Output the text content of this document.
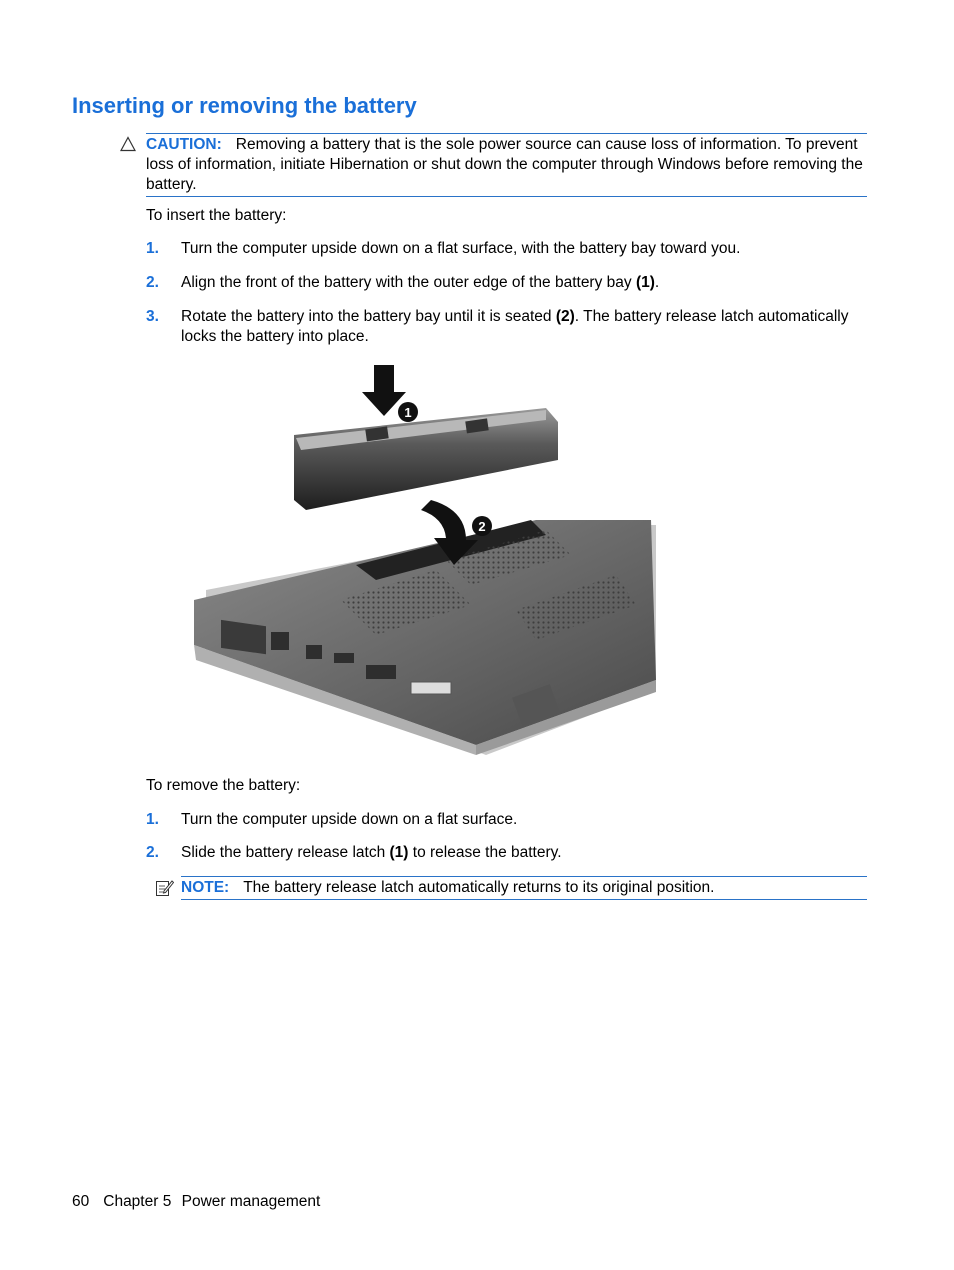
Inserting or removing the battery
CAUTION: Removing a battery that is the sole power source can cause loss of information. To prevent loss of information, initiate Hibernation or shut down the computer through Windows before removing the battery.

To insert the battery:

1. Turn the computer upside down on a flat surface, with the battery bay toward you.
2. Align the front of the battery with the outer edge of the battery bay (1).
3. Rotate the battery into the battery bay until it is seated (2). The battery release latch automatically locks the battery into place.
1
2

To remove the battery:

1. Turn the computer upside down on a flat surface.
2. Slide the battery release latch (1) to release the battery.
NOTE: The battery release latch automatically returns to its original position.
60 Chapter 5 Power management
